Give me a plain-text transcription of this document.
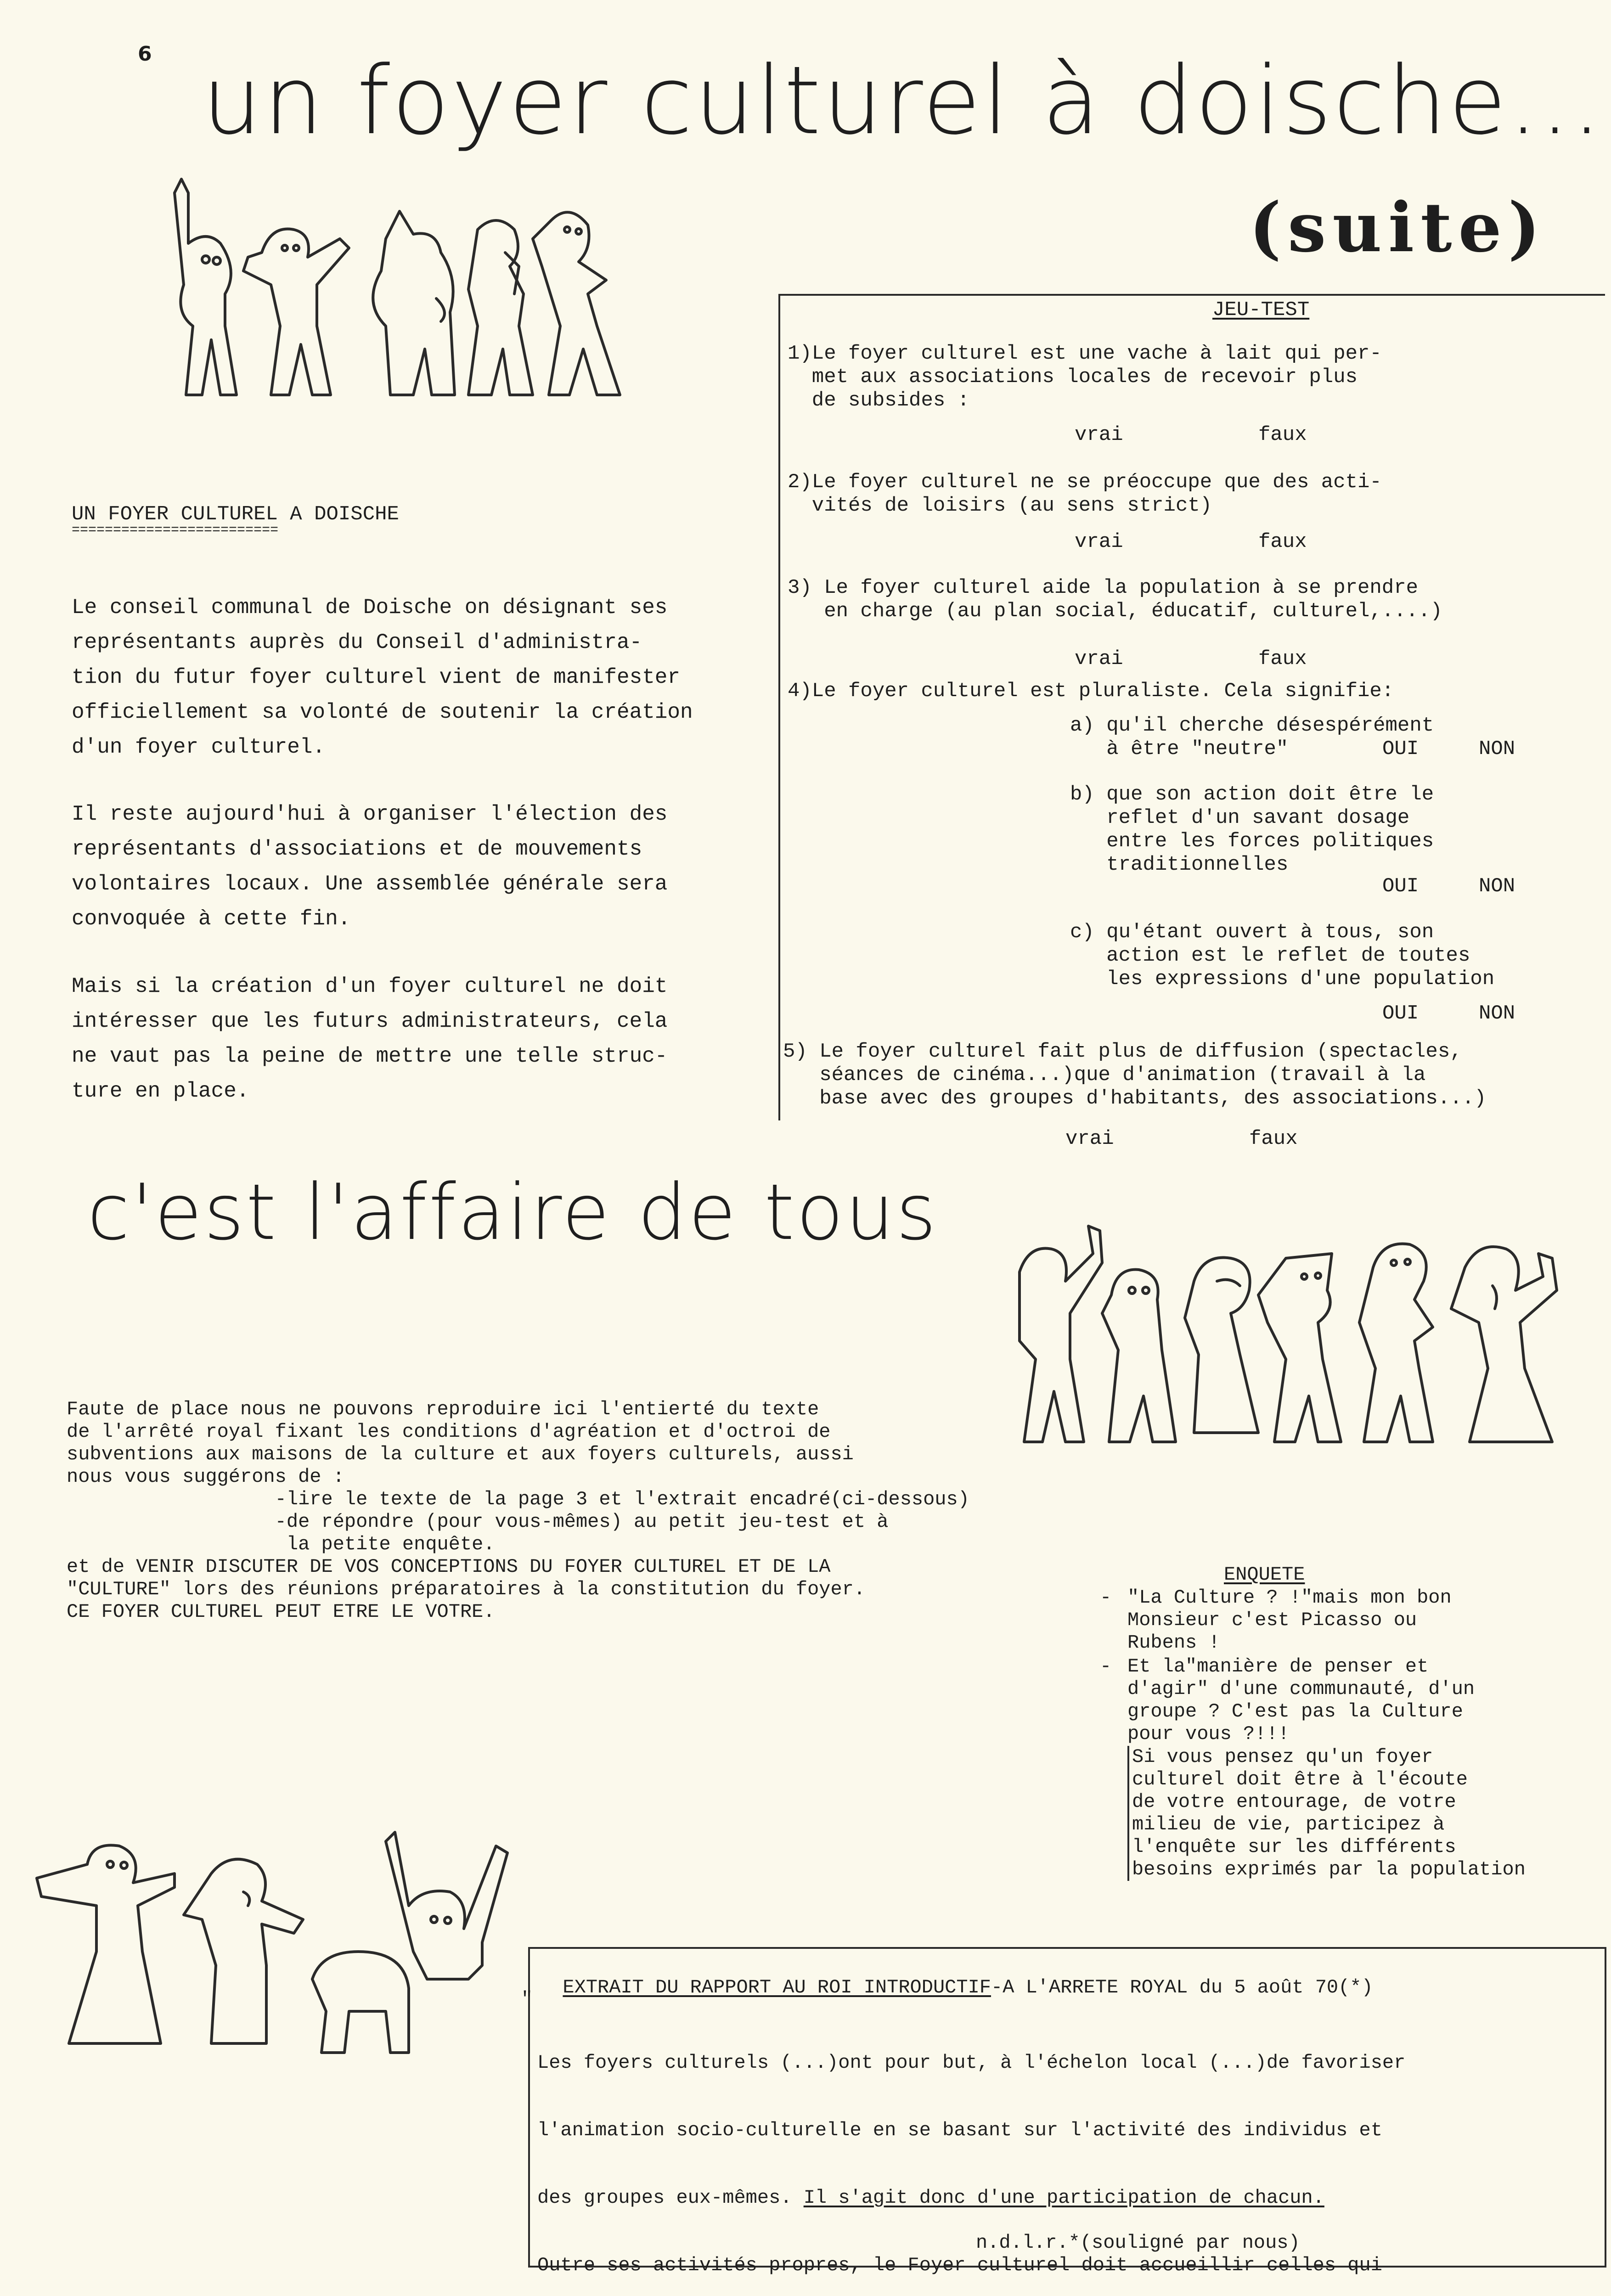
6 un foyer culturel à doische...
(suite)
UN FOYER CULTUREL A DOISCHE
=========================
Le conseil communal de Doische on désignant ses
représentants auprès du Conseil d'administra-
tion du futur foyer culturel vient de manifester
officiellement sa volonté de soutenir la création
d'un foyer culturel.
Il reste aujourd'hui à organiser l'élection des
représentants d'associations et de mouvements
volontaires locaux. Une assemblée générale sera
convoquée à cette fin.
Mais si la création d'un foyer culturel ne doit
intéresser que les futurs administrateurs, cela
ne vaut pas la peine de mettre une telle struc-
ture en place.
JEU-TEST
1)Le foyer culturel est une vache à lait qui per-
met aux associations locales de recevoir plus
de subsides :
vrai	faux
2)Le foyer culturel ne se préoccupe que des acti-
vités de loisirs (au sens strict)
vrai	faux
3) Le foyer culturel aide la population à se prendre
en charge (au plan social, éducatif, culturel,....)
vrai	faux
4)Le foyer culturel est pluraliste. Cela signifie:
a) qu'il cherche désespérément
à être "neutre"	OUI	NON
b) que son action doit être le
reflet d'un savant dosage
entre les forces politiques
traditionnelles
OUI	NON
c) qu'étant ouvert à tous, son
action est le reflet de toutes
les expressions d'une population
OUI	NON
5) Le foyer culturel fait plus de diffusion (spectacles,
séances de cinéma...)que d'animation (travail à la
base avec des groupes d'habitants, des associations...)
vrai	faux
c'est l'affaire de tous
Faute de place nous ne pouvons reproduire ici l'entierté du texte
de l'arrêté royal fixant les conditions d'agréation et d'octroi de
subventions aux maisons de la culture et aux foyers culturels, aussi
nous vous suggérons de :
-lire le texte de la page 3 et l'extrait encadré(ci-dessous)
-de répondre (pour vous-mêmes) au petit jeu-test et à
la petite enquête.
et de VENIR DISCUTER DE VOS CONCEPTIONS DU FOYER CULTUREL ET DE LA
"CULTURE" lors des réunions préparatoires à la constitution du foyer.
CE FOYER CULTUREL PEUT ETRE LE VOTRE.
ENQUETE
- "La Culture ? !"mais mon bon
Monsieur c'est Picasso ou
Rubens !
- Et la"manière de penser et
d'agir" d'une communauté, d'un
groupe ? C'est pas la Culture
pour vous ?!!!
Si vous pensez qu'un foyer
culturel doit être à l'écoute
de votre entourage, de votre
milieu de vie, participez à
l'enquête sur les différents
besoins exprimés par la population

EXTRAIT DU RAPPORT AU ROI INTRODUCTIF-A L'ARRETE ROYAL du 5 août 70(*)

"

Les foyers culturels (...)ont pour but, à l'échelon local (...)de favoriser

l'animation socio-culturelle en se basant sur l'activité des individus et

des groupes eux-mêmes. Il s'agit donc d'une participation de chacun.

Outre ses activités propres, le Foyer culturel doit accueillir celles qui

n.d.l.r.*(souligné par nous)
